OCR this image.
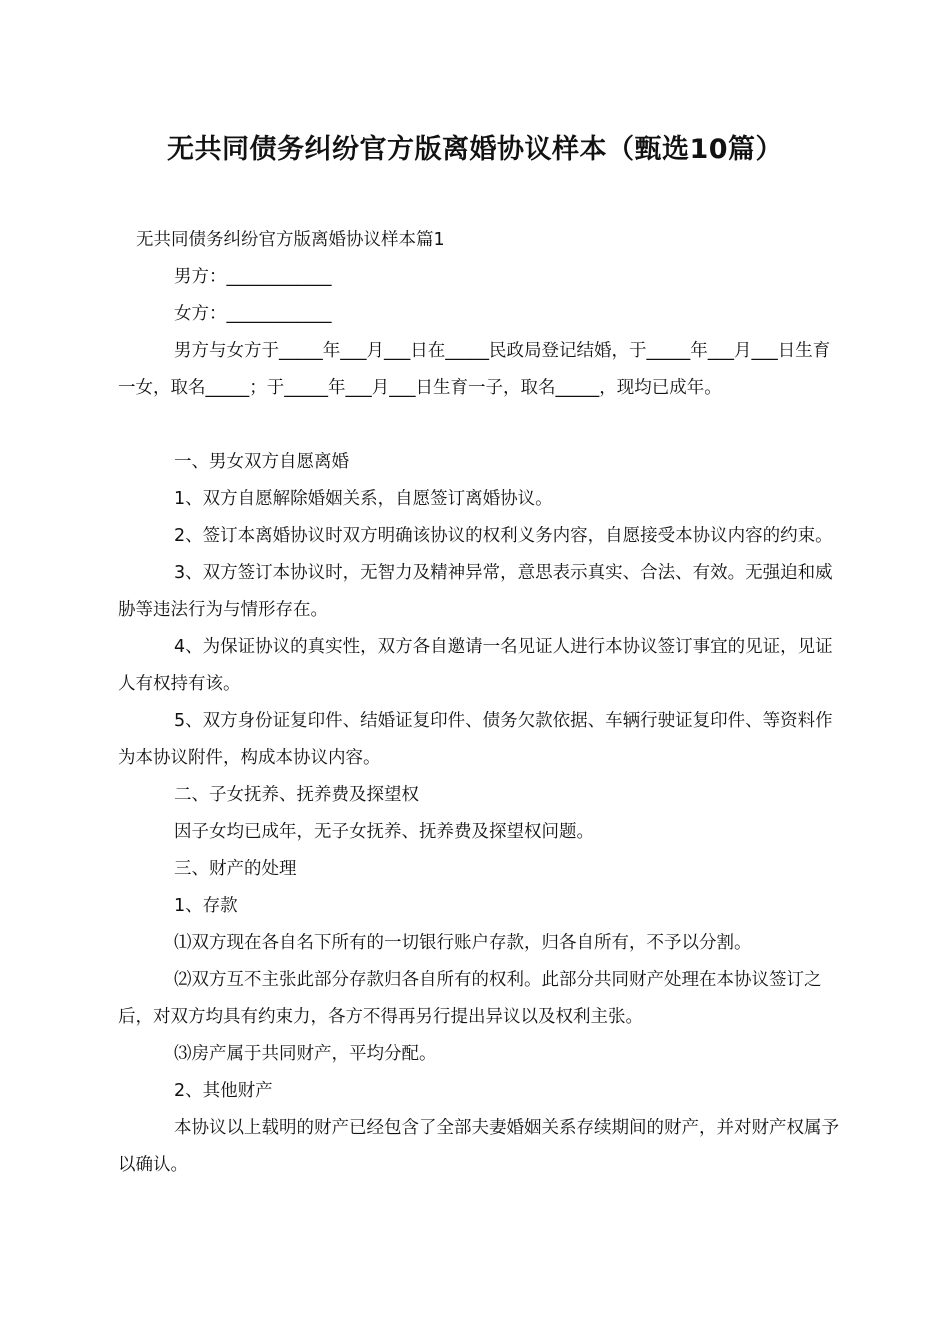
无共同债务纠纷官方版离婚协议样本（甄选10篇）

无共同债务纠纷官方版离婚协议样本篇1

男方：____________

女方：____________

男方与女方于_____年___月___日在_____民政局登记结婚，于_____年___月___日生育一女，取名_____；于_____年___月___日生育一子，取名_____，现均已成年。

一、男女双方自愿离婚

1、双方自愿解除婚姻关系，自愿签订离婚协议。

2、签订本离婚协议时双方明确该协议的权利义务内容，自愿接受本协议内容的约束。

3、双方签订本协议时，无智力及精神异常，意思表示真实、合法、有效。无强迫和威胁等违法行为与情形存在。

4、为保证协议的真实性，双方各自邀请一名见证人进行本协议签订事宜的见证，见证人有权持有该。

5、双方身份证复印件、结婚证复印件、债务欠款依据、车辆行驶证复印件、等资料作为本协议附件，构成本协议内容。

二、子女抚养、抚养费及探望权

因子女均已成年，无子女抚养、抚养费及探望权问题。

三、财产的处理

1、存款

⑴双方现在各自名下所有的一切银行账户存款，归各自所有，不予以分割。

⑵双方互不主张此部分存款归各自所有的权利。此部分共同财产处理在本协议签订之后，对双方均具有约束力，各方不得再另行提出异议以及权利主张。

⑶房产属于共同财产，平均分配。

2、其他财产

本协议以上载明的财产已经包含了全部夫妻婚姻关系存续期间的财产，并对财产权属予以确认。
